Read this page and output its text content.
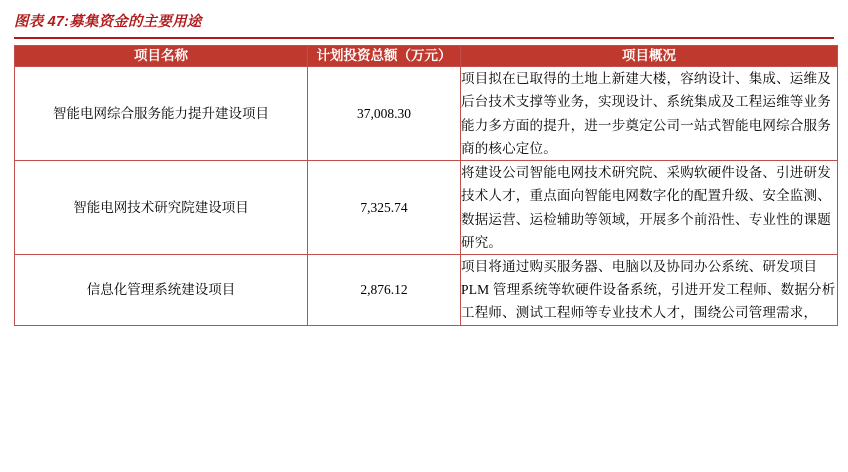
图表 47:募集资金的主要用途
项目名称	计划投资总额（万元）	项目概况
智能电网综合服务能力提升建设项目	37,008.30	项目拟在已取得的土地上新建大楼，容纳设计、集成、运维及后台技术支撑等业务，实现设计、系统集成及工程运维等业务能力多方面的提升，进一步奠定公司一站式智能电网综合服务商的核心定位。
智能电网技术研究院建设项目	7,325.74	将建设公司智能电网技术研究院、采购软硬件设备、引进研发技术人才，重点面向智能电网数字化的配置升级、安全监测、数据运营、运检辅助等领域，开展多个前沿性、专业性的课题研究。
信息化管理系统建设项目	2,876.12	项目将通过购买服务器、电脑以及协同办公系统、研发项目 PLM 管理系统等软硬件设备系统，引进开发工程师、数据分析工程师、测试工程师等专业技术人才，围绕公司管理需求，
